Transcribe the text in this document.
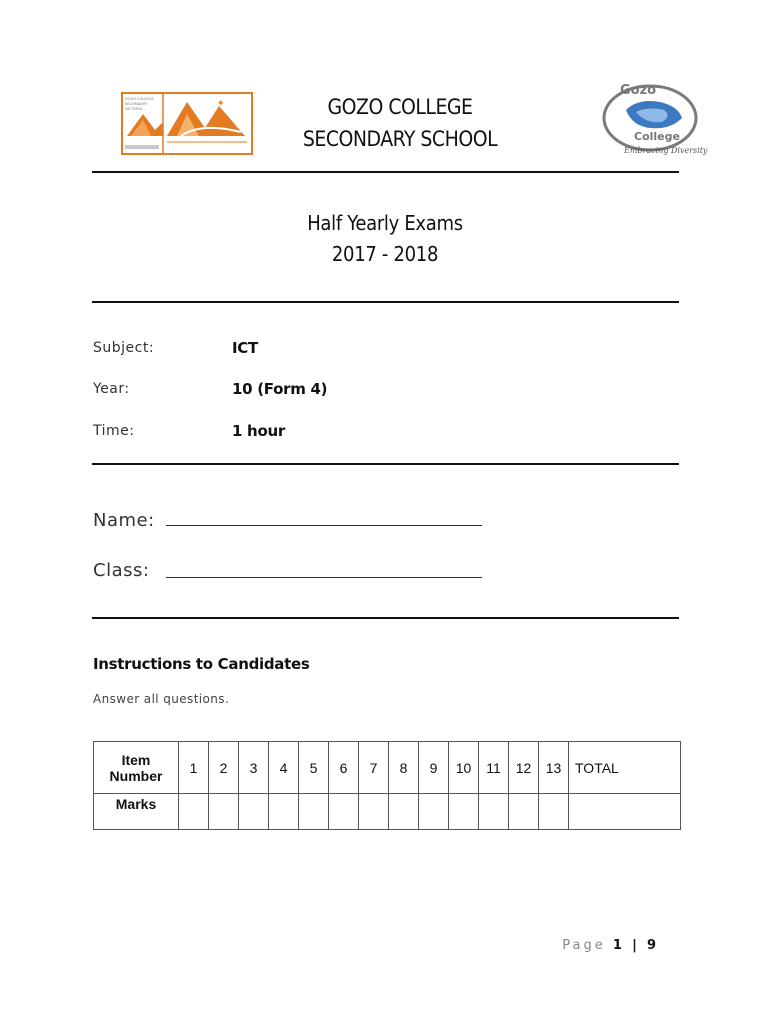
GOZO COLLEGE
SECONDARY
VICTORIA	✦
Gozo
College
Embracing Diversity
GOZO COLLEGE
SECONDARY SCHOOL
Half Yearly Exams
2017 - 2018
Subject:	ICT
Year:	10 (Form 4)
Time:	1 hour
Name:
Class:
Instructions to Candidates
Answer all questions.
Item Number	1	2	3	4	5	6	7	8	9	10	11	12	13	TOTAL
Marks														
Page 1 | 9
